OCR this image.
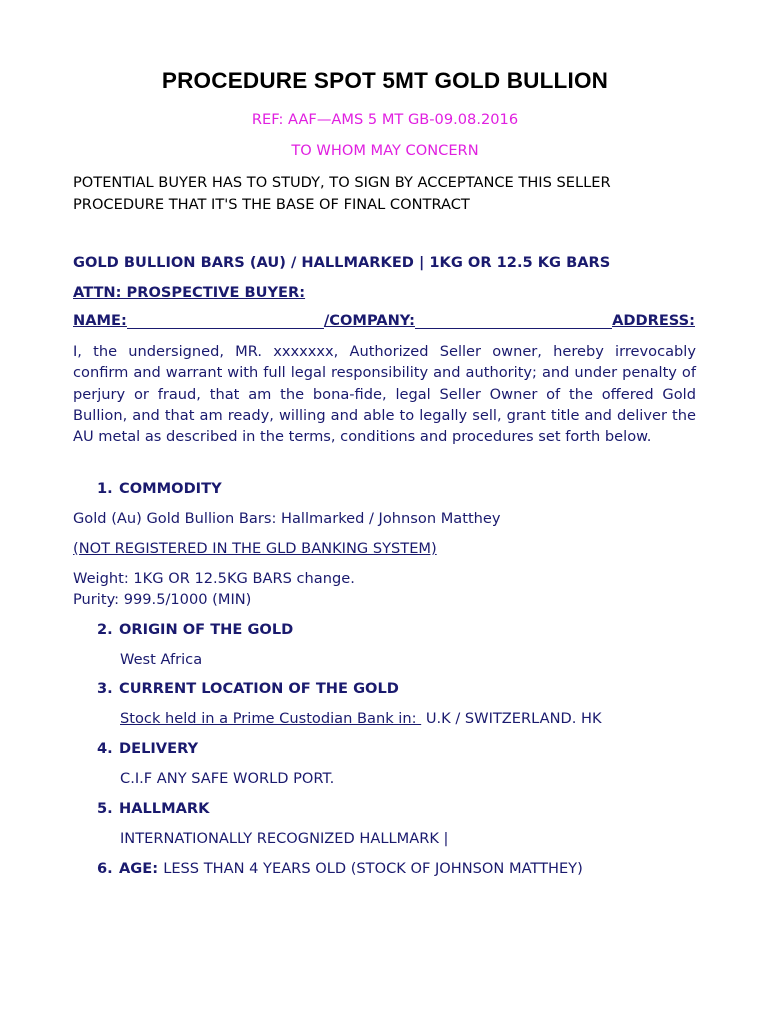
PROCEDURE SPOT 5MT GOLD BULLION
REF: AAF—AMS 5 MT GB-09.08.2016
TO WHOM MAY CONCERN
POTENTIAL BUYER HAS TO STUDY, TO SIGN BY ACCEPTANCE THIS SELLER
PROCEDURE THAT IT'S THE BASE OF FINAL CONTRACT
GOLD BULLION BARS (AU) / HALLMARKED | 1KG OR 12.5 KG BARS
ATTN: PROSPECTIVE BUYER:
NAME:	/COMPANY:	ADDRESS:
I, the undersigned, MR. xxxxxxx, Authorized Seller owner, hereby irrevocably confirm and warrant with full legal responsibility and authority; and under penalty of perjury or fraud, that am the bona-fide, legal Seller Owner of the offered Gold Bullion, and that am ready, willing and able to legally sell, grant title and deliver the AU metal as described in the terms, conditions and procedures set forth below.
1. COMMODITY
Gold (Au) Gold Bullion Bars: Hallmarked / Johnson Matthey
(NOT REGISTERED IN THE GLD BANKING SYSTEM)
Weight: 1KG OR 12.5KG BARS change.
Purity: 999.5/1000 (MIN)
2. ORIGIN OF THE GOLD
West Africa
3. CURRENT LOCATION OF THE GOLD
Stock held in a Prime Custodian Bank in:  U.K / SWITZERLAND. HK
4. DELIVERY
C.I.F ANY SAFE WORLD PORT.
5. HALLMARK
INTERNATIONALLY RECOGNIZED HALLMARK |
6. AGE: LESS THAN 4 YEARS OLD (STOCK OF JOHNSON MATTHEY)
